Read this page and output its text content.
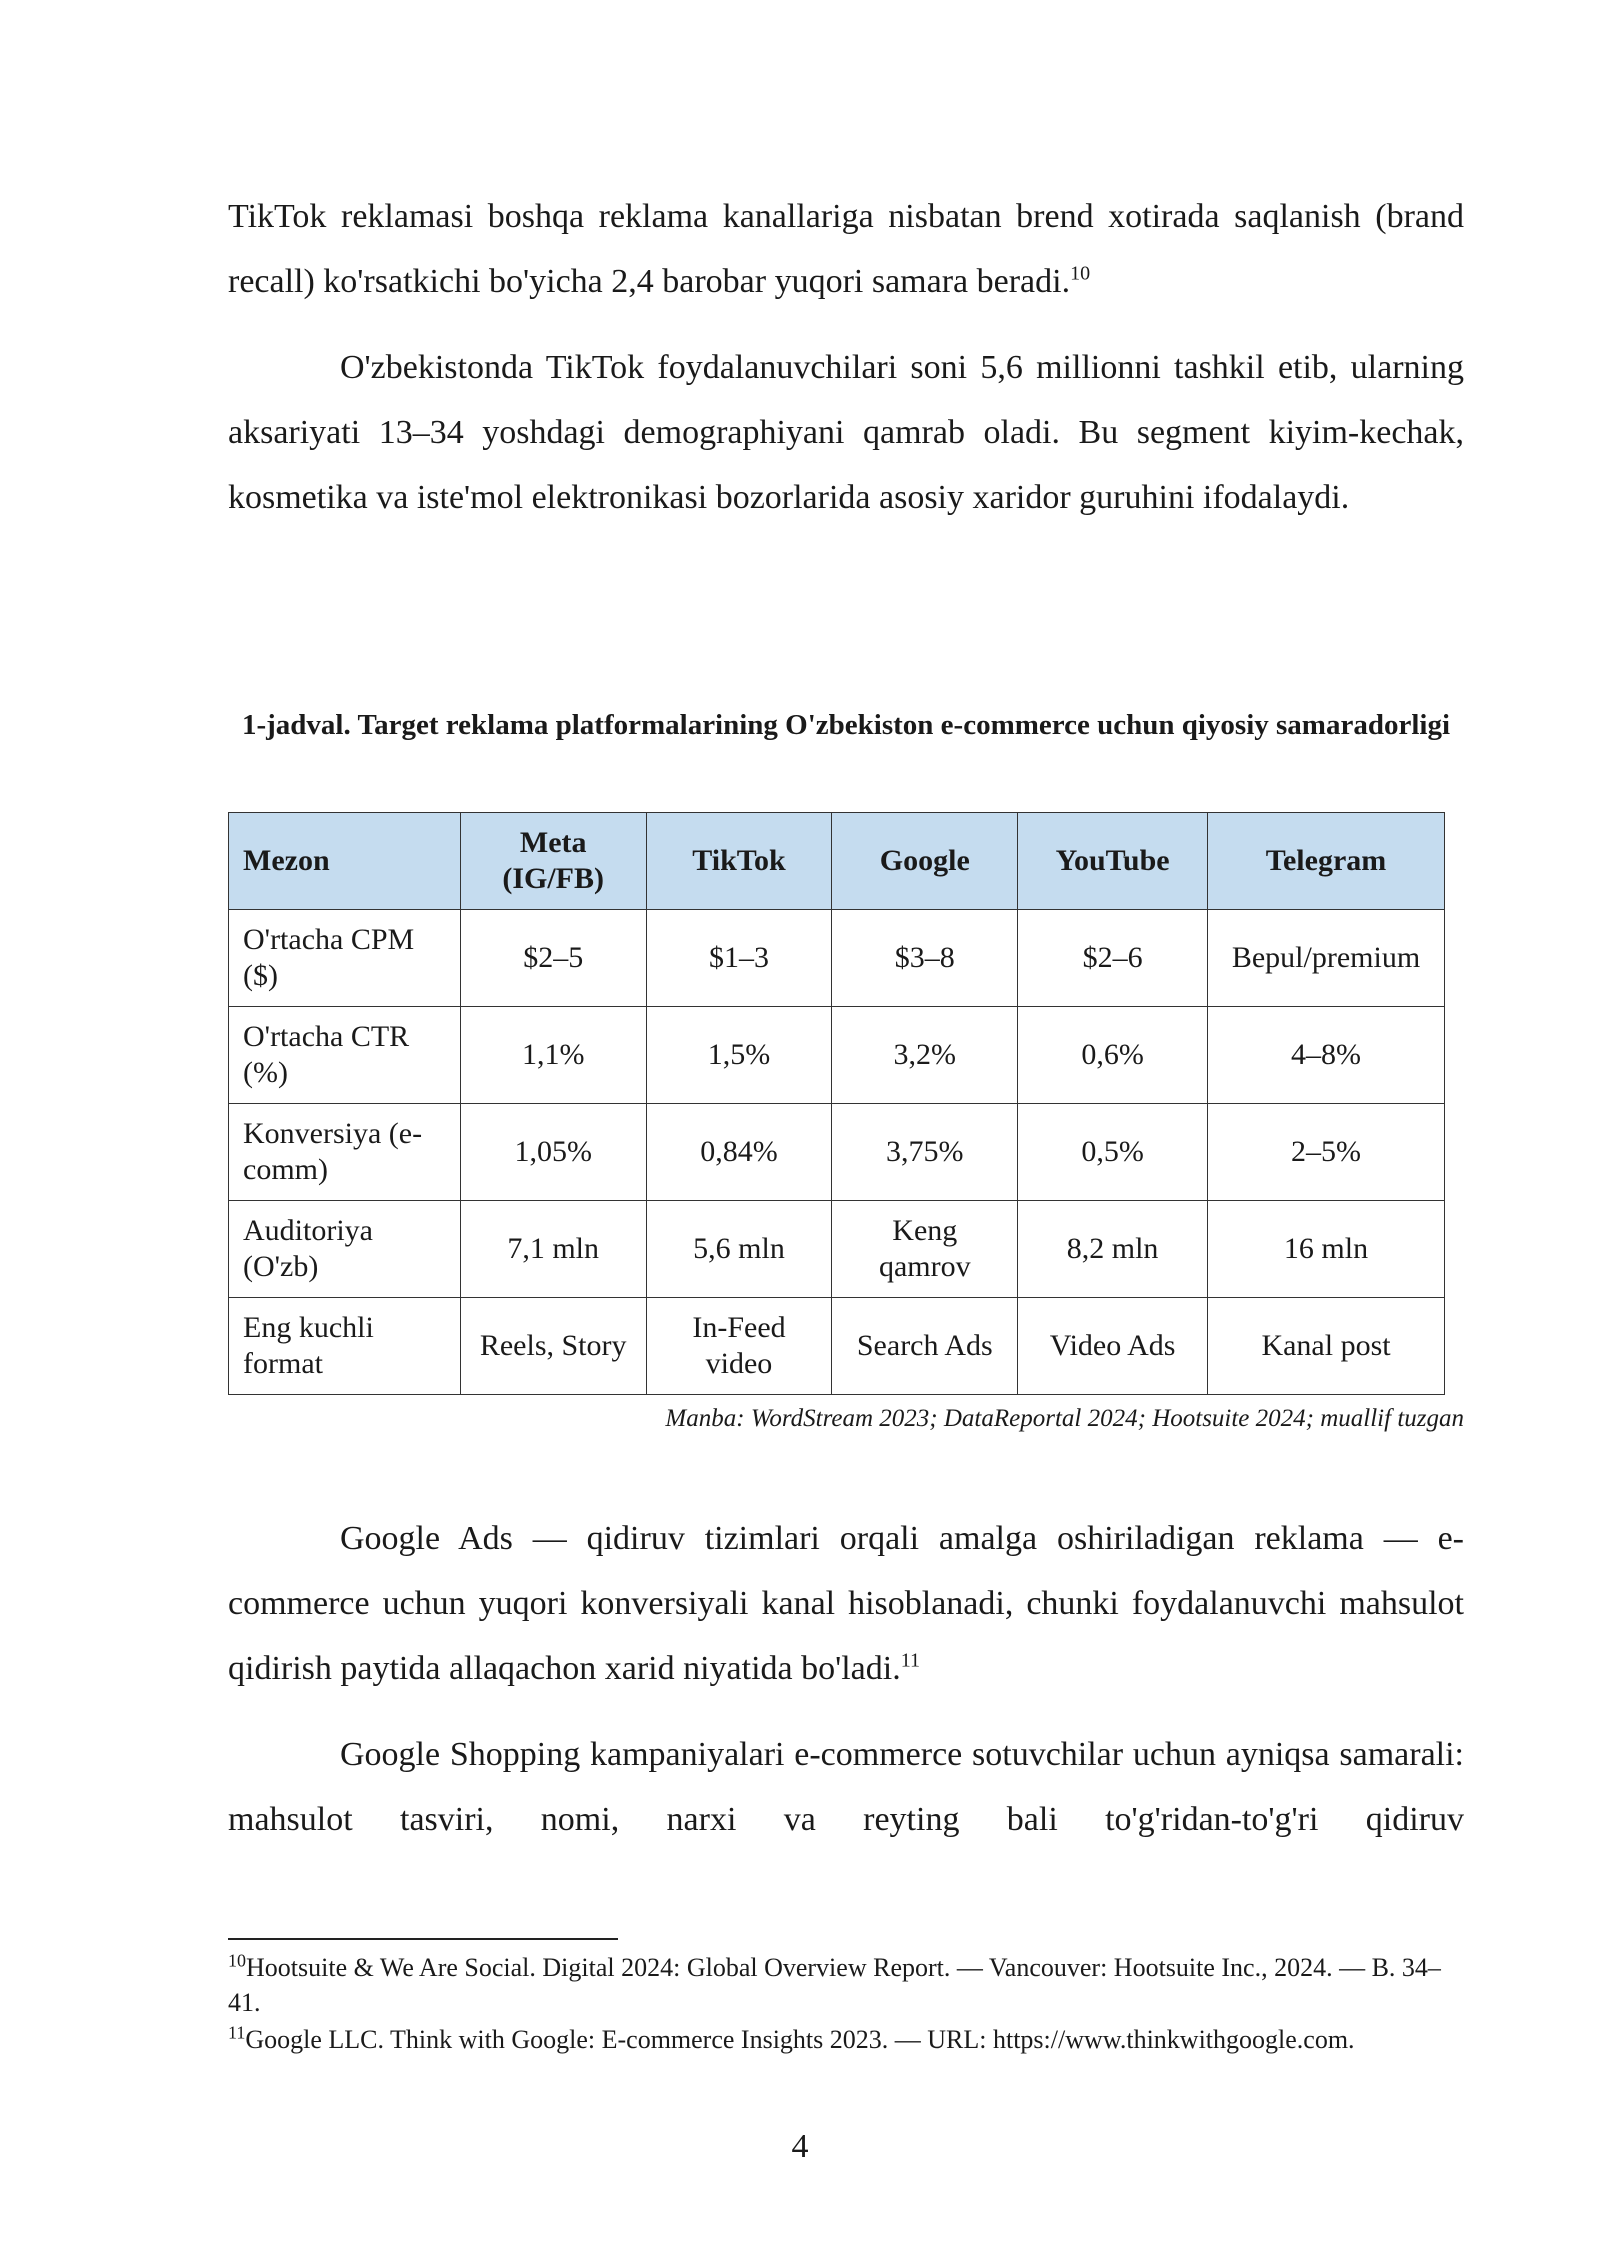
TikTok reklamasi boshqa reklama kanallariga nisbatan brend xotirada saqlanish (brand recall) ko'rsatkichi bo'yicha 2,4 barobar yuqori samara beradi.$^{10}$

O'zbekistonda TikTok foydalanuvchilari soni 5,6 millionni tashkil etib, ularning aksariyati 13–34 yoshdagi demographiyani qamrab oladi. Bu segment kiyim-kechak, kosmetika va iste'mol elektronikasi bozorlarida asosiy xaridor guruhini ifodalaydi.

1-jadval. Target reklama platformalarining O'zbekiston e-commerce uchun qiyosiy samaradorligi
Mezon	Meta (IG/FB)	TikTok	Google	YouTube	Telegram
O'rtacha CPM ($)	$2–5	$1–3	$3–8	$2–6	Bepul/premium
O'rtacha CTR (%)	1,1%	1,5%	3,2%	0,6%	4–8%
Konversiya (e-comm)	1,05%	0,84%	3,75%	0,5%	2–5%
Auditoriya (O'zb)	7,1 mln	5,6 mln	Keng qamrov	8,2 mln	16 mln
Eng kuchli format	Reels, Story	In-Feed video	Search Ads	Video Ads	Kanal post
Manba: WordStream 2023; DataReportal 2024; Hootsuite 2024; muallif tuzgan

Google Ads — qidiruv tizimlari orqali amalga oshiriladigan reklama — e-commerce uchun yuqori konversiyali kanal hisoblanadi, chunki foydalanuvchi mahsulot qidirish paytida allaqachon xarid niyatida bo'ladi.$^{11}$

Google Shopping kampaniyalari e-commerce sotuvchilar uchun ayniqsa samarali: mahsulot tasviri, nomi, narxi va reyting bali to'g'ridan-to'g'ri qidiruv

$^{10}$Hootsuite & We Are Social. Digital 2024: Global Overview Report. — Vancouver: Hootsuite Inc., 2024. — B. 34–41.

$^{11}$Google LLC. Think with Google: E-commerce Insights 2023. — URL: https://www.thinkwithgoogle.com.

4
